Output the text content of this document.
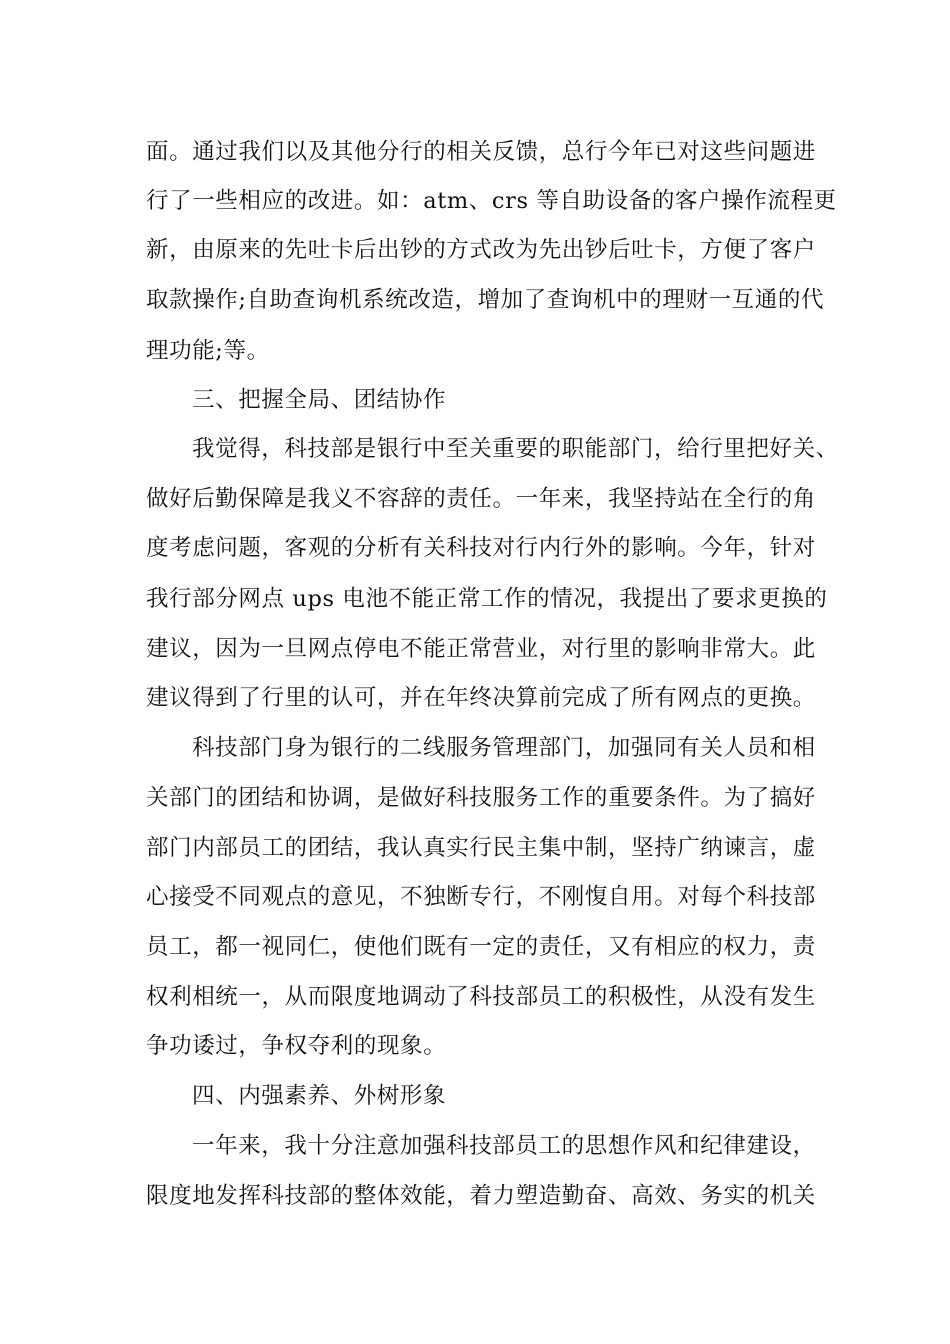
面。通过我们以及其他分行的相关反馈，总行今年已对这些问题进
行了一些相应的改进。如：atm、crs 等自助设备的客户操作流程更
新，由原来的先吐卡后出钞的方式改为先出钞后吐卡，方便了客户
取款操作;自助查询机系统改造，增加了查询机中的理财一互通的代
理功能;等。
三、把握全局、团结协作
我觉得，科技部是银行中至关重要的职能部门，给行里把好关、
做好后勤保障是我义不容辞的责任。一年来，我坚持站在全行的角
度考虑问题，客观的分析有关科技对行内行外的影响。今年，针对
我行部分网点 ups 电池不能正常工作的情况，我提出了要求更换的
建议，因为一旦网点停电不能正常营业，对行里的影响非常大。此
建议得到了行里的认可，并在年终决算前完成了所有网点的更换。
科技部门身为银行的二线服务管理部门，加强同有关人员和相
关部门的团结和协调，是做好科技服务工作的重要条件。为了搞好
部门内部员工的团结，我认真实行民主集中制，坚持广纳谏言，虚
心接受不同观点的意见，不独断专行，不刚愎自用。对每个科技部
员工，都一视同仁，使他们既有一定的责任，又有相应的权力，责
权利相统一，从而限度地调动了科技部员工的积极性，从没有发生
争功诿过，争权夺利的现象。
四、内强素养、外树形象
一年来，我十分注意加强科技部员工的思想作风和纪律建设，
限度地发挥科技部的整体效能，着力塑造勤奋、高效、务实的机关
